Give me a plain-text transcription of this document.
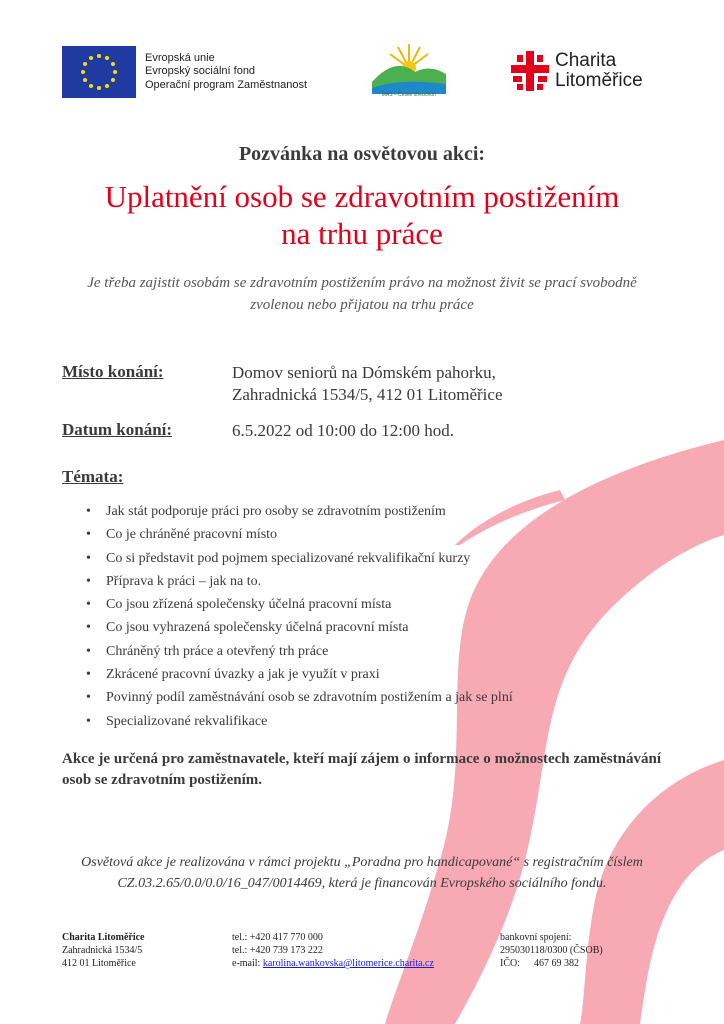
Evropská unie
Evropský sociální fond
Operační program Zaměstnanost
MAS – České středohoří
Charita
Litoměřice
Pozvánka na osvětovou akci:
Uplatnění osob se zdravotním postižením
na trhu práce
Je třeba zajistit osobám se zdravotním postižením právo na možnost živit se prací svobodně
zvolenou nebo přijatou na trhu práce
Místo konání:	Domov seniorů na Dómském pahorku,
Zahradnická 1534/5, 412 01 Litoměřice
Datum konání:	6.5.2022 od 10:00 do 12:00 hod.
Témata:
• Jak stát podporuje práci pro osoby se zdravotním postižením
• Co je chráněné pracovní místo
• Co si představit pod pojmem specializované rekvalifikační kurzy
• Příprava k práci – jak na to.
• Co jsou zřízená společensky účelná pracovní místa
• Co jsou vyhrazená společensky účelná pracovní místa
• Chráněný trh práce a otevřený trh práce
• Zkrácené pracovní úvazky a jak je využít v praxi
• Povinný podíl zaměstnávání osob se zdravotním postižením a jak se plní
• Specializované rekvalifikace
Akce je určená pro zaměstnavatele, kteří mají zájem o informace o možnostech zaměstnávání osob se zdravotním postižením.
Osvětová akce je realizována v rámci projektu „Poradna pro handicapované“ s registračním číslem
CZ.03.2.65/0.0/0.0/16_047/0014469, která je financován Evropského sociálního fondu.
Charita Litoměřice
Zahradnická 1534/5
412 01 Litoměřice
tel.: +420 417 770 000
tel.: +420 739 173 222
e-mail: karolina.wankovska@litomerice.charita.cz
bankovní spojení:
295030118/0300 (ČSOB)
IČO: 467 69 382
